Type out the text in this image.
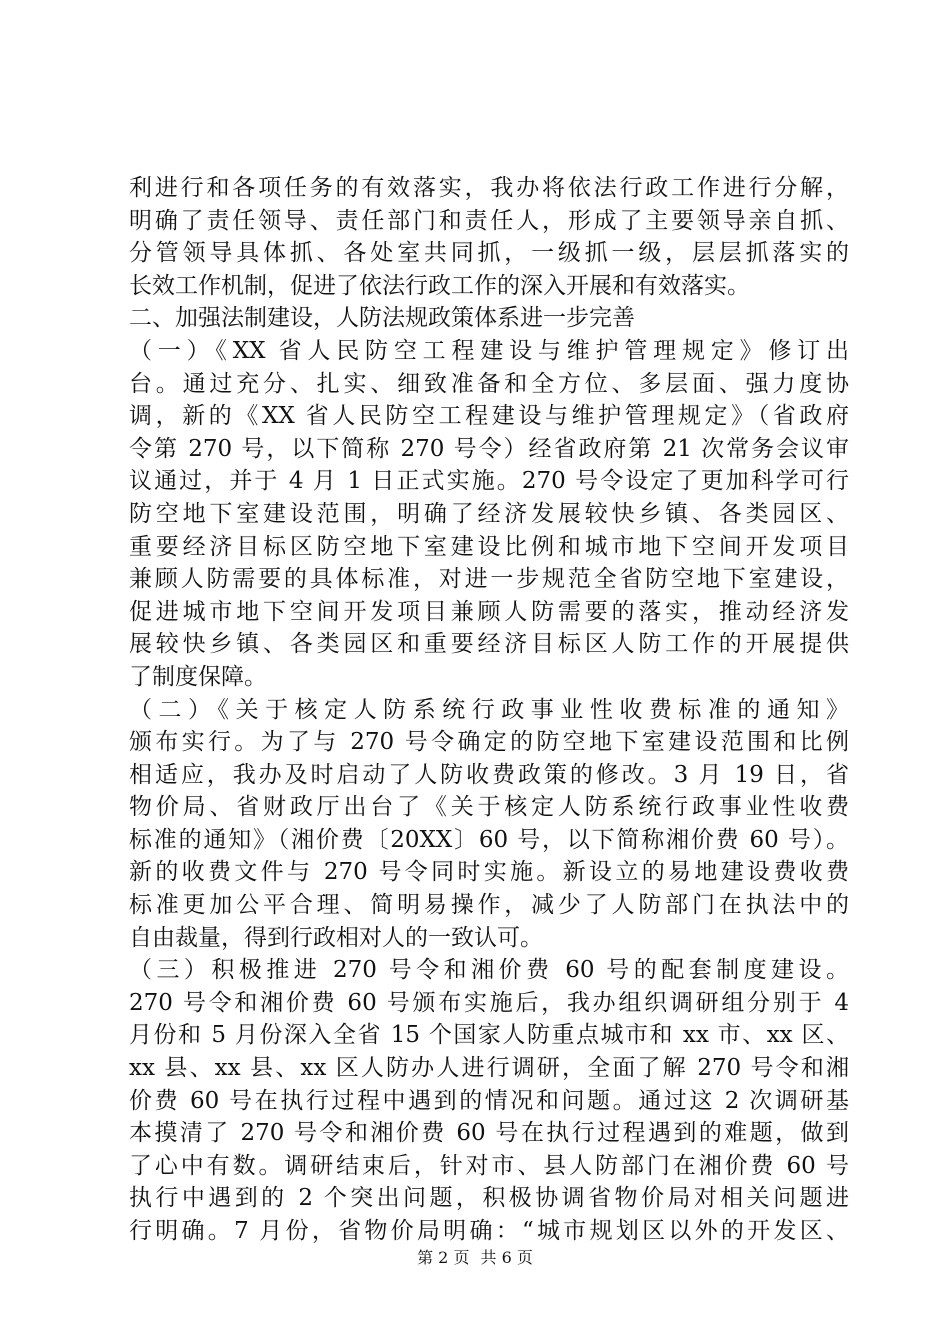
利进行和各项任务的有效落实，我办将依法行政工作进行分解，
明确了责任领导、责任部门和责任人，形成了主要领导亲自抓、
分管领导具体抓、各处室共同抓，一级抓一级，层层抓落实的
长效工作机制，促进了依法行政工作的深入开展和有效落实。
二、加强法制建设，人防法规政策体系进一步完善
（一）《XX 省人民防空工程建设与维护管理规定》修订出
台。通过充分、扎实、细致准备和全方位、多层面、强力度协
调，新的《XX 省人民防空工程建设与维护管理规定》（省政府
令第 270 号，以下简称 270 号令）经省政府第 21 次常务会议审
议通过，并于 4 月 1 日正式实施。270 号令设定了更加科学可行
防空地下室建设范围，明确了经济发展较快乡镇、各类园区、
重要经济目标区防空地下室建设比例和城市地下空间开发项目
兼顾人防需要的具体标准，对进一步规范全省防空地下室建设，
促进城市地下空间开发项目兼顾人防需要的落实，推动经济发
展较快乡镇、各类园区和重要经济目标区人防工作的开展提供
了制度保障。
（二）《关于核定人防系统行政事业性收费标准的通知》
颁布实行。为了与 270 号令确定的防空地下室建设范围和比例
相适应，我办及时启动了人防收费政策的修改。3 月 19 日，省
物价局、省财政厅出台了《关于核定人防系统行政事业性收费
标准的通知》（湘价费〔20XX〕60 号，以下简称湘价费 60 号）。
新的收费文件与 270 号令同时实施。新设立的易地建设费收费
标准更加公平合理、简明易操作，减少了人防部门在执法中的
自由裁量，得到行政相对人的一致认可。
（三）积极推进 270 号令和湘价费 60 号的配套制度建设。
270 号令和湘价费 60 号颁布实施后，我办组织调研组分别于 4
月份和 5 月份深入全省 15 个国家人防重点城市和 xx 市、xx 区、
xx 县、xx 县、xx 区人防办人进行调研，全面了解 270 号令和湘
价费 60 号在执行过程中遇到的情况和问题。通过这 2 次调研基
本摸清了 270 号令和湘价费 60 号在执行过程遇到的难题，做到
了心中有数。调研结束后，针对市、县人防部门在湘价费 60 号
执行中遇到的 2 个突出问题，积极协调省物价局对相关问题进
行明确。7 月份，省物价局明确：“城市规划区以外的开发区、
第 2 页 共 6 页
